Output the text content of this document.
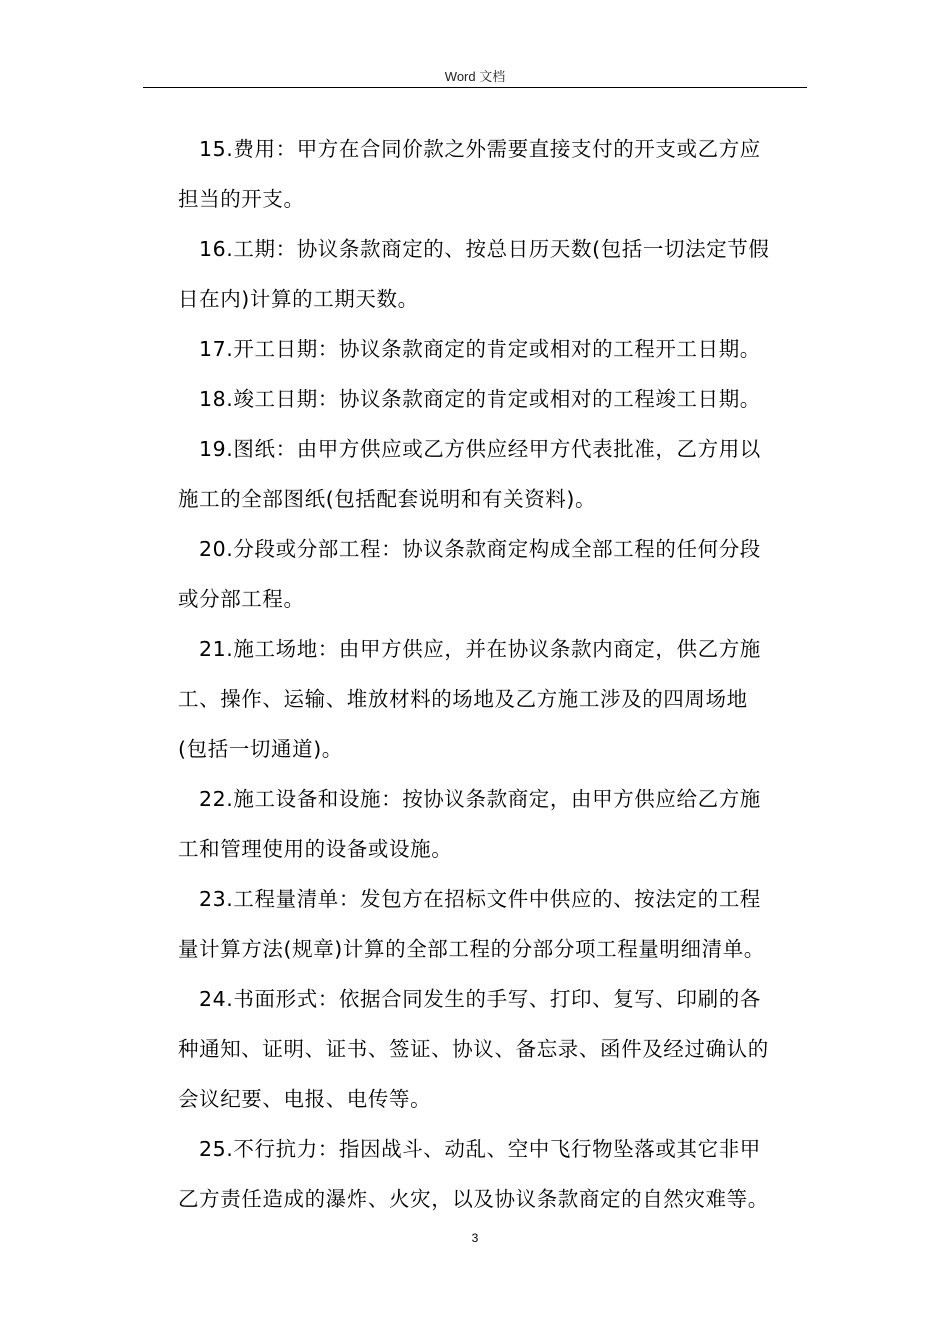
Word 文档

15.费用：甲方在合同价款之外需要直接支付的开支或乙方应
担当的开支。

16.工期：协议条款商定的、按总日历天数(包括一切法定节假
日在内)计算的工期天数。

17.开工日期：协议条款商定的肯定或相对的工程开工日期。

18.竣工日期：协议条款商定的肯定或相对的工程竣工日期。

19.图纸：由甲方供应或乙方供应经甲方代表批准，乙方用以
施工的全部图纸(包括配套说明和有关资料)。

20.分段或分部工程：协议条款商定构成全部工程的任何分段
或分部工程。

21.施工场地：由甲方供应，并在协议条款内商定，供乙方施
工、操作、运输、堆放材料的场地及乙方施工涉及的四周场地
(包括一切通道)。

22.施工设备和设施：按协议条款商定，由甲方供应给乙方施
工和管理使用的设备或设施。

23.工程量清单：发包方在招标文件中供应的、按法定的工程
量计算方法(规章)计算的全部工程的分部分项工程量明细清单。

24.书面形式：依据合同发生的手写、打印、复写、印刷的各
种通知、证明、证书、签证、协议、备忘录、函件及经过确认的
会议纪要、电报、电传等。

25.不行抗力：指因战斗、动乱、空中飞行物坠落或其它非甲
乙方责任造成的瀑炸、火灾，以及协议条款商定的自然灾难等。

3
